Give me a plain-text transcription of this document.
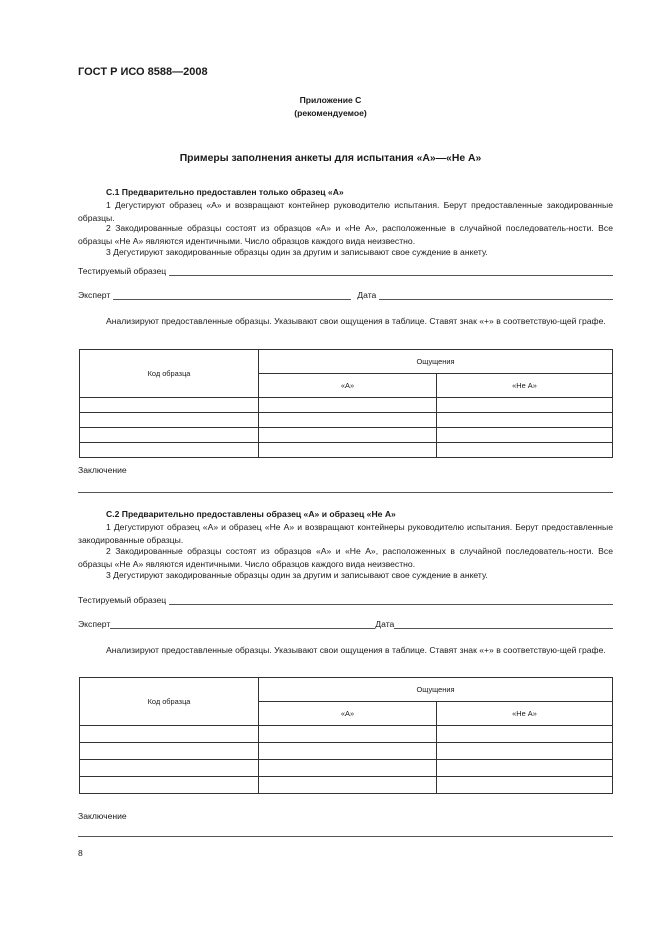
ГОСТ Р ИСО 8588—2008
Приложение С
(рекомендуемое)
Примеры заполнения анкеты для испытания «А»—«Не А»
С.1 Предварительно предоставлен только образец «А»
1 Дегустируют образец «А» и возвращают контейнер руководителю испытания. Берут предоставленные закодированные образцы.
2 Закодированные образцы состоят из образцов «А» и «Не А», расположенные в случайной последователь-ности. Все образцы «Не А» являются идентичными. Число образцов каждого вида неизвестно.
3 Дегустируют закодированные образцы один за другим и записывают свое суждение в анкету.
Тестируемый образец
Эксперт	Дата
Анализируют предоставленные образцы. Указывают свои ощущения в таблице. Ставят знак «+» в соответствую-щей графе.
Код образца	Ощущения	
	«А»	«Не А»

Заключение
С.2 Предварительно предоставлены образец «А» и образец «Не А»
1 Дегустируют образец «А» и образец «Не А» и возвращают контейнеры руководителю испытания. Берут предоставленные закодированные образцы.
2 Закодированные образцы состоят из образцов «А» и «Не А», расположенных в случайной последователь-ности. Все образцы «Не А» являются идентичными. Число образцов каждого вида неизвестно.
3 Дегустируют закодированные образцы один за другим и записывают свое суждение в анкету.
Тестируемый образец
Эксперт	Дата
Анализируют предоставленные образцы. Указывают свои ощущения в таблице. Ставят знак «+» в соответствую-щей графе.
Код образца	Ощущения	
	«А»	«Не А»

Заключение
8
